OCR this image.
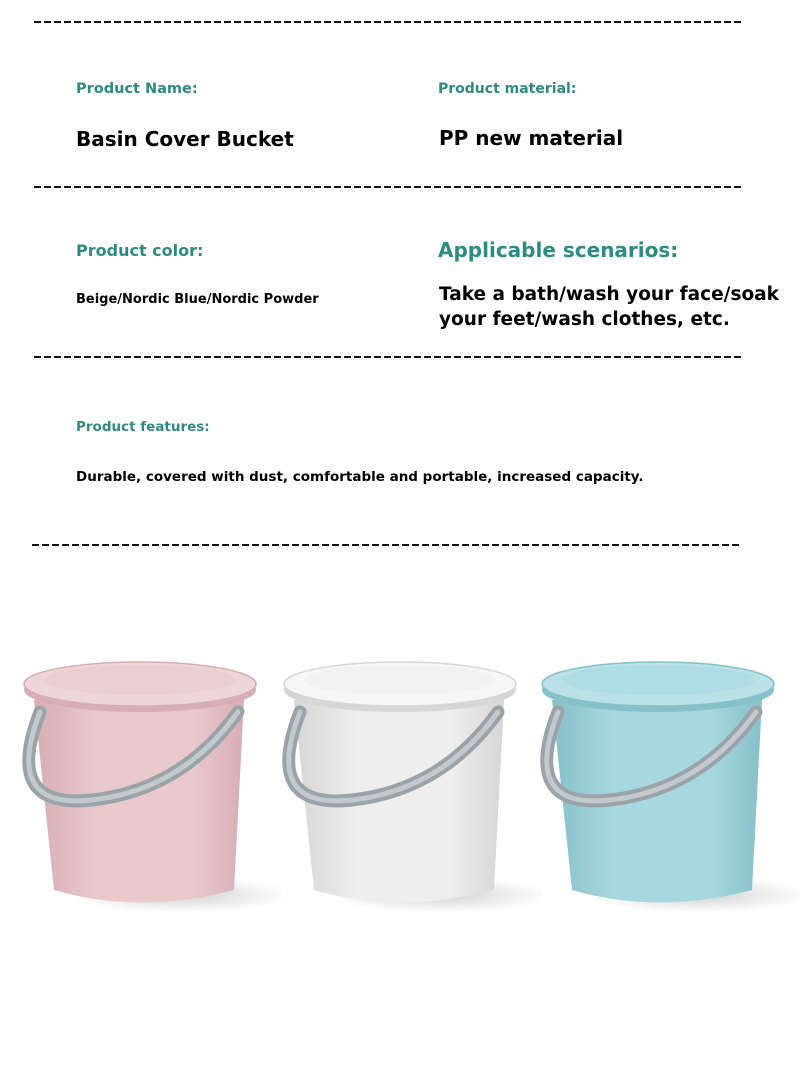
Product Name:
Basin Cover Bucket
Product material:
PP new material
Product color:
Beige/Nordic Blue/Nordic Powder
Applicable scenarios:
Take a bath/wash your face/soak
your feet/wash clothes, etc.
Product features:
Durable, covered with dust, comfortable and portable, increased capacity.
